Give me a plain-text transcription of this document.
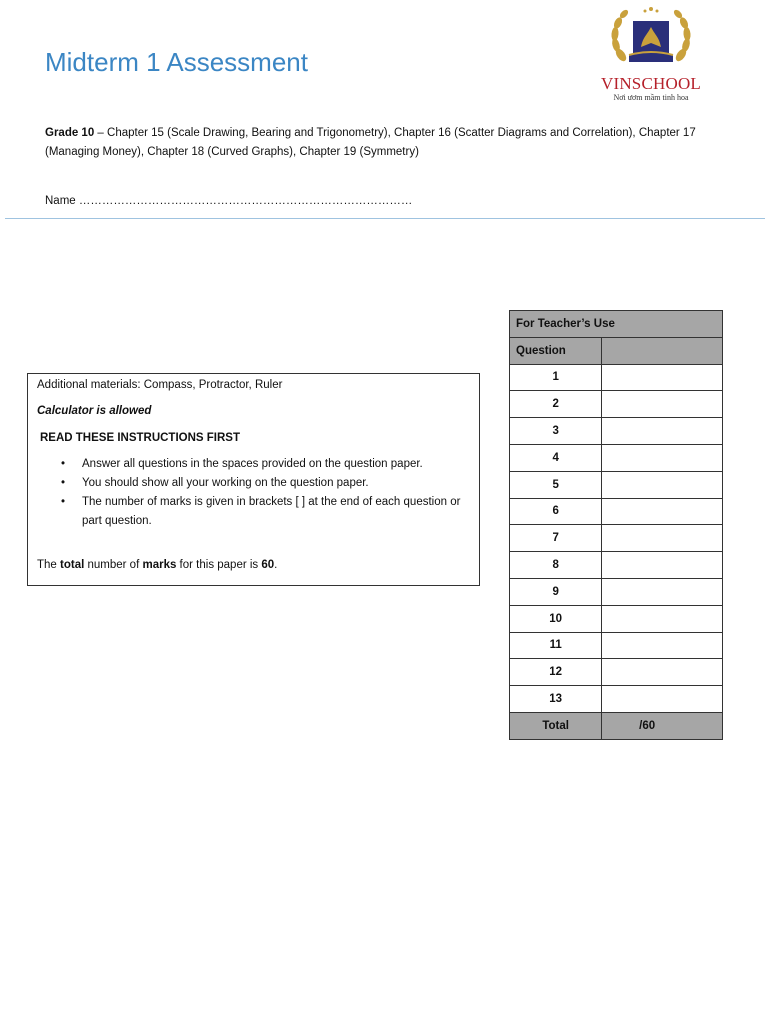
Midterm 1 Assessment
VINSCHOOL
Nơi ươm mầm tinh hoa
Grade 10 – Chapter 15 (Scale Drawing, Bearing and Trigonometry), Chapter 16 (Scatter Diagrams and Correlation), Chapter 17 (Managing Money), Chapter 18 (Curved Graphs), Chapter 19 (Symmetry)
Name ……………………………………………………………………………
Additional materials: Compass, Protractor, Ruler
Calculator is allowed
READ THESE INSTRUCTIONS FIRST
•	Answer all questions in the spaces provided on the question paper.
•	You should show all your working on the question paper.
•	The number of marks is given in brackets [ ] at the end of each question or part question.
The total number of marks for this paper is 60.
For Teacher’s Use	
Question	
1	
2	
3	
4	
5	
6	
7	
8	
9	
10	
11	
12	
13	
Total	/60
